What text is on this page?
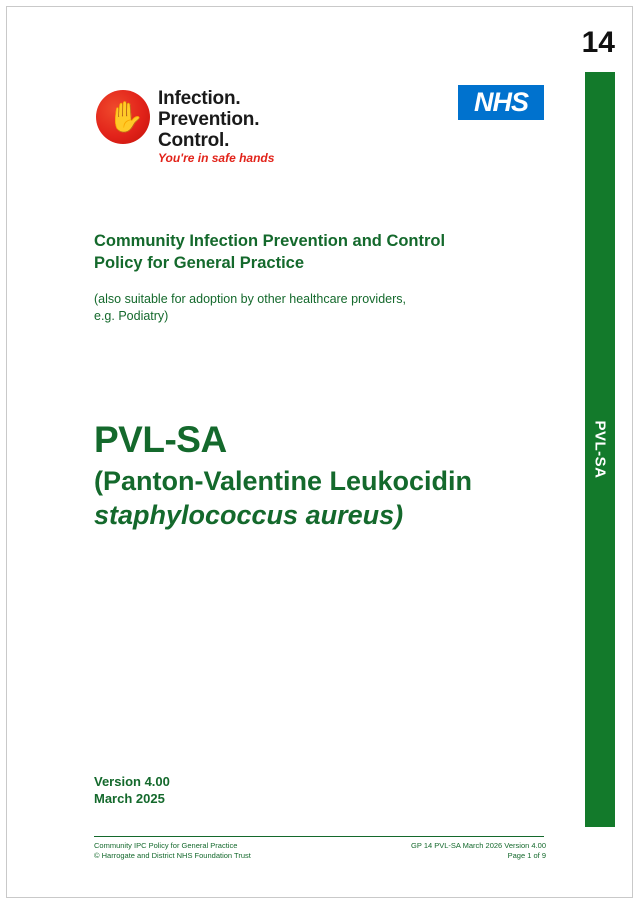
14
PVL-SA
✋
Infection.
Prevention.
Control.
You're in safe hands
NHS
Community Infection Prevention and Control
Policy for General Practice
(also suitable for adoption by other healthcare providers,
e.g. Podiatry)
PVL-SA
(Panton-Valentine Leukocidin
staphylococcus aureus)
Version 4.00
March 2025
Community IPC Policy for General Practice
© Harrogate and District NHS Foundation Trust
GP 14 PVL-SA March 2026 Version 4.00
Page 1 of 9
